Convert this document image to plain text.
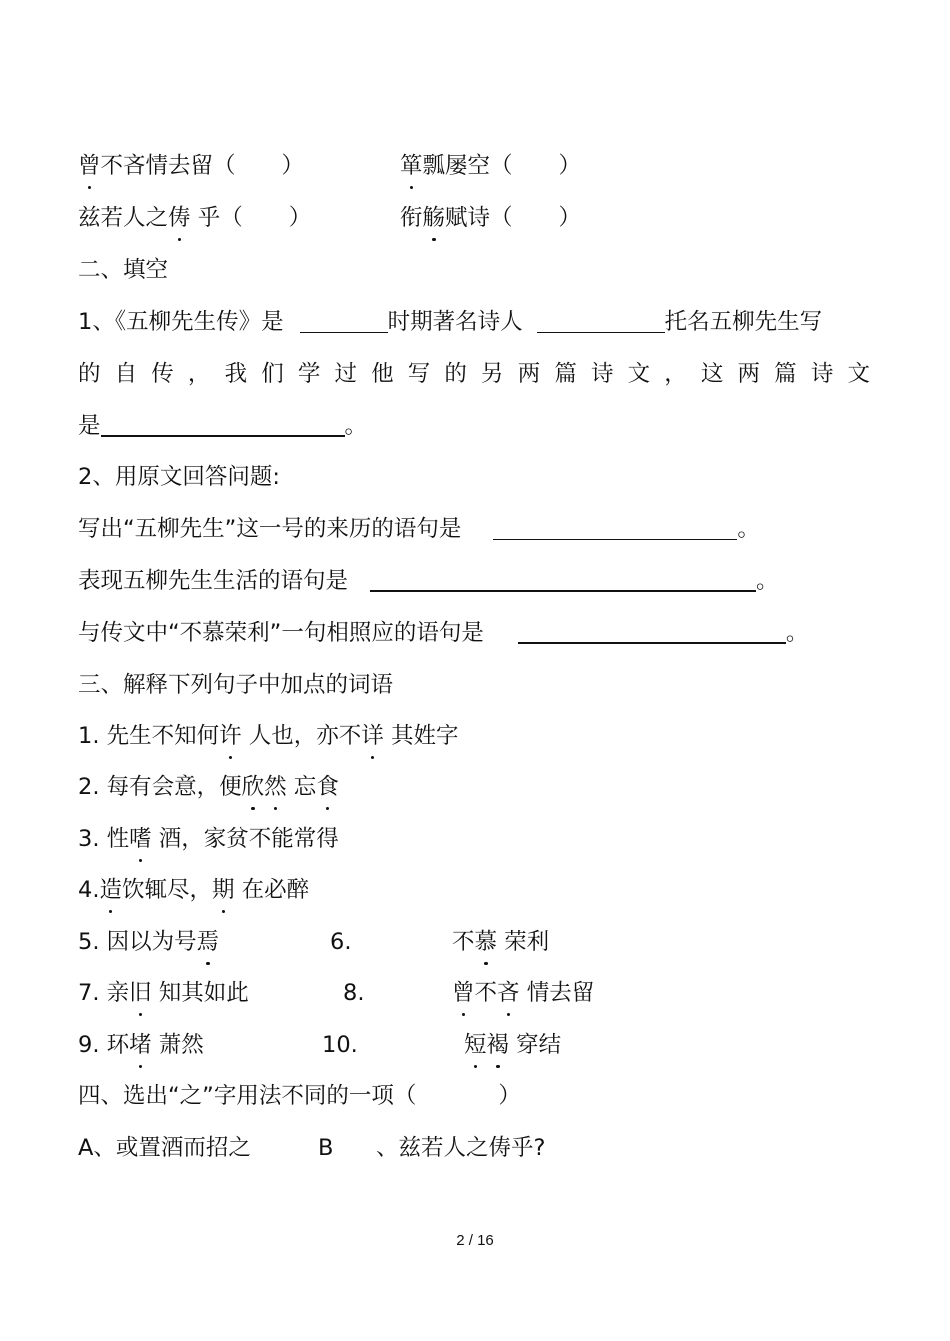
曾不吝情去留（ ）	箪瓢屡空（ ）
兹若人之俦 乎（ ）	衔觞赋诗（ ）
二、填空
1、《五柳先生传》是	时期著名诗人	托名五柳先生写
的 自 传 ， 我 们 学 过 他 写 的 另 两 篇 诗 文 ， 这 两 篇 诗 文
是	。
2、用原文回答问题:
写出“五柳先生”这一号的来历的语句是	。
表现五柳先生生活的语句是	。
与传文中“不慕荣利”一句相照应的语句是	。
三、解释下列句子中加点的词语
1. 先生不知何许 人也，亦不详 其姓字
2. 每有会意，便欣然 忘食
3. 性嗜 酒，家贫不能常得
4.造饮辄尽，期 在必醉
5. 因以为号焉	6.	不慕 荣利
7. 亲旧 知其如此	8.	曾不吝 情去留
9. 环堵 萧然	10.	短褐 穿结
四、选出“之”字用法不同的一项（	）
A、或置酒而招之	B 、兹若人之俦乎?
2 / 16
